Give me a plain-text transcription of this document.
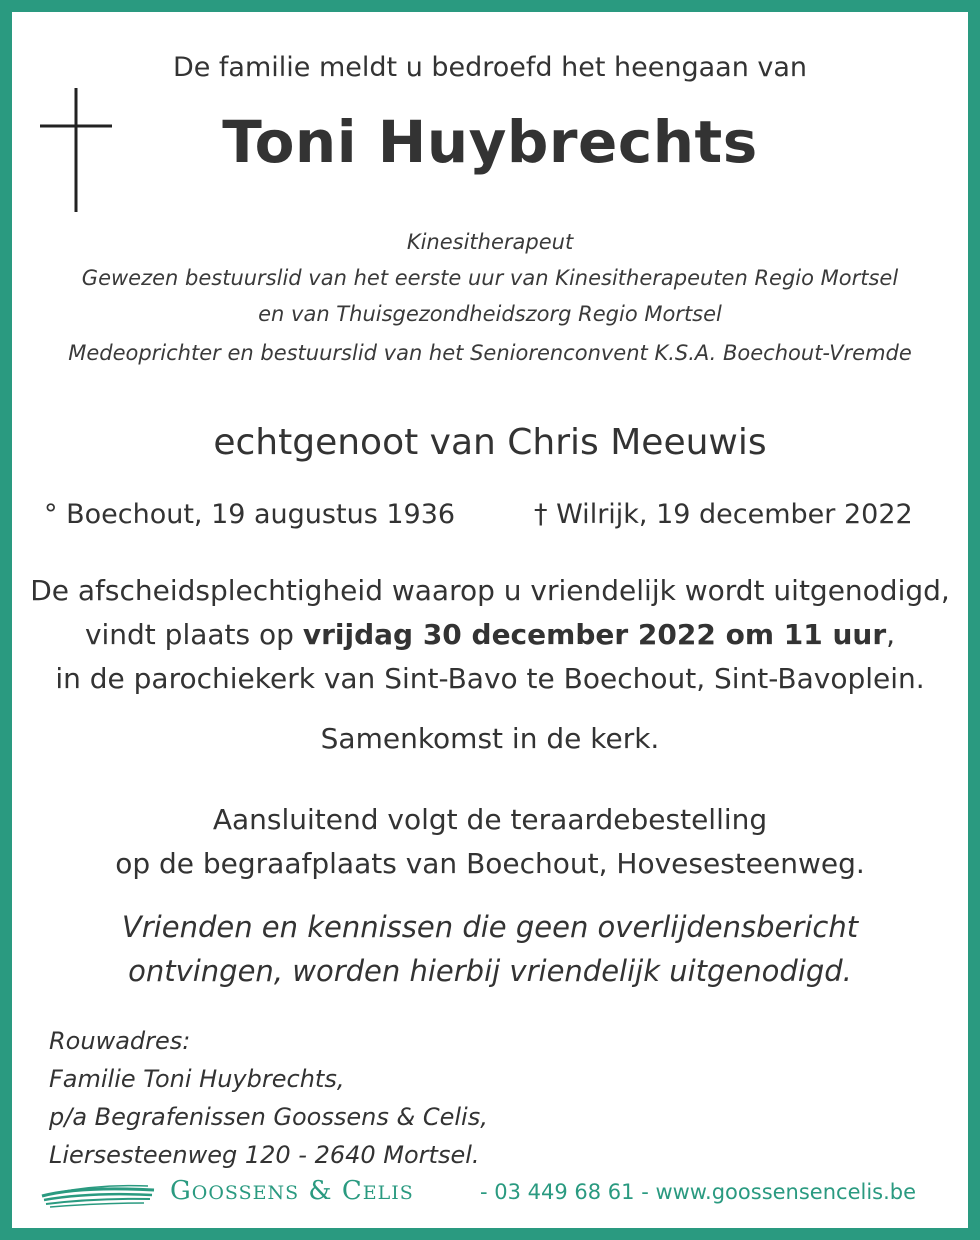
De familie meldt u bedroefd het heengaan van
Toni Huybrechts
Kinesitherapeut
Gewezen bestuurslid van het eerste uur van Kinesitherapeuten Regio Mortsel
en van Thuisgezondheidszorg Regio Mortsel
Medeoprichter en bestuurslid van het Seniorenconvent K.S.A. Boechout-Vremde
echtgenoot van Chris Meeuwis
° Boechout, 19 augustus 1936	† Wilrijk, 19 december 2022
De afscheidsplechtigheid waarop u vriendelijk wordt uitgenodigd,
vindt plaats op vrijdag 30 december 2022 om 11 uur,
in de parochiekerk van Sint-Bavo te Boechout, Sint-Bavoplein.
Samenkomst in de kerk.
Aansluitend volgt de teraardebestelling
op de begraafplaats van Boechout, Hovesesteenweg.
Vrienden en kennissen die geen overlijdensbericht
ontvingen, worden hierbij vriendelijk uitgenodigd.
Rouwadres:
Familie Toni Huybrechts,
p/a Begrafenissen Goossens & Celis,
Liersesteenweg 120 - 2640 Mortsel.
GOOSSENS & CELIS	- 03 449 68 61 - www.goossensencelis.be
